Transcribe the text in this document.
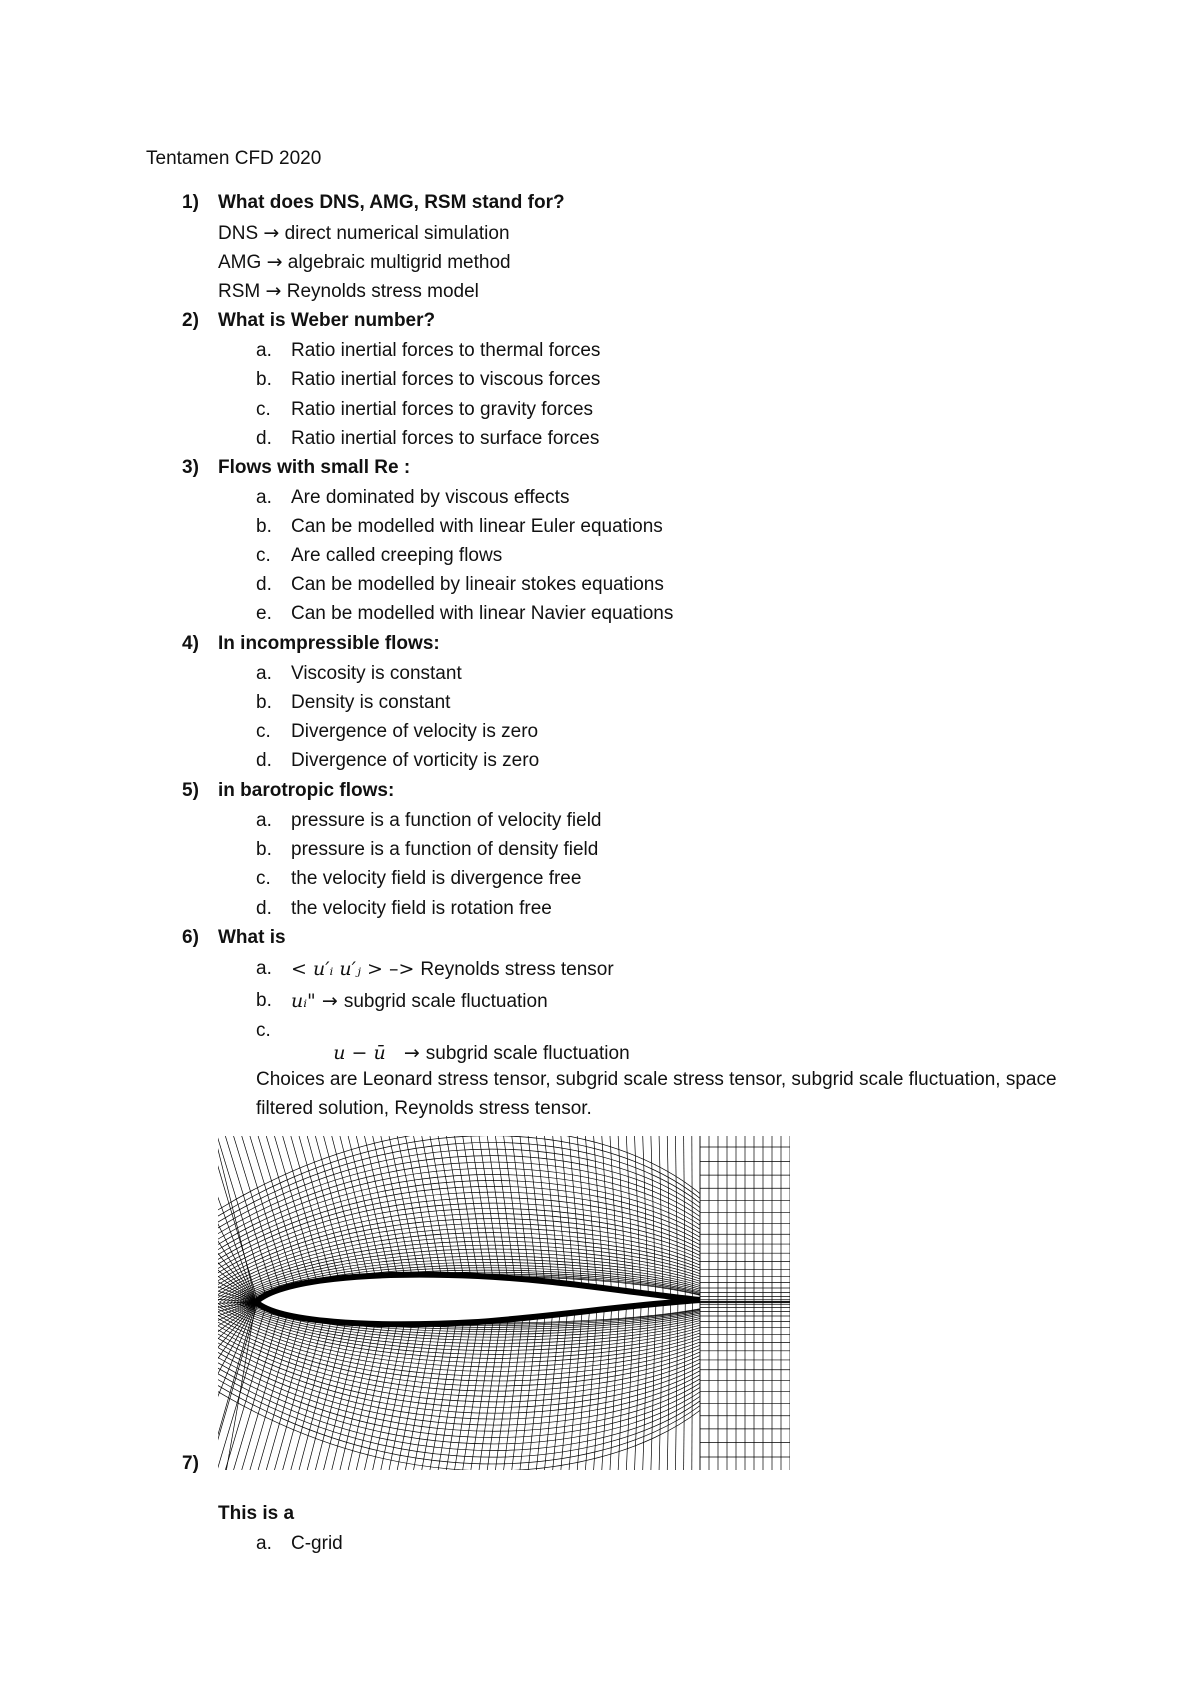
Tentamen CFD 2020
1) What does DNS, AMG, RSM stand for?
DNS → direct numerical simulation
AMG → algebraic multigrid method
RSM → Reynolds stress model
2) What is Weber number?
a. Ratio inertial forces to thermal forces
b. Ratio inertial forces to viscous forces
c. Ratio inertial forces to gravity forces
d. Ratio inertial forces to surface forces
3) Flows with small Re :
a. Are dominated by viscous effects
b. Can be modelled with linear Euler equations
c. Are called creeping flows
d. Can be modelled by lineair stokes equations
e. Can be modelled with linear Navier equations
4) In incompressible flows:
a. Viscosity is constant
b. Density is constant
c. Divergence of velocity is zero
d. Divergence of vorticity is zero
5) in barotropic flows:
a. pressure is a function of velocity field
b. pressure is a function of density field
c. the velocity field is divergence free
d. the velocity field is rotation free
6) What is
a. < u′ᵢ u′ⱼ > –> Reynolds stress tensor
b. uᵢ" → subgrid scale fluctuation
c.

u − ū   → subgrid scale fluctuation

Choices are Leonard stress tensor, subgrid scale stress tensor, subgrid scale fluctuation, space filtered solution, Reynolds stress tensor.
7)
This is a
a. C-grid
